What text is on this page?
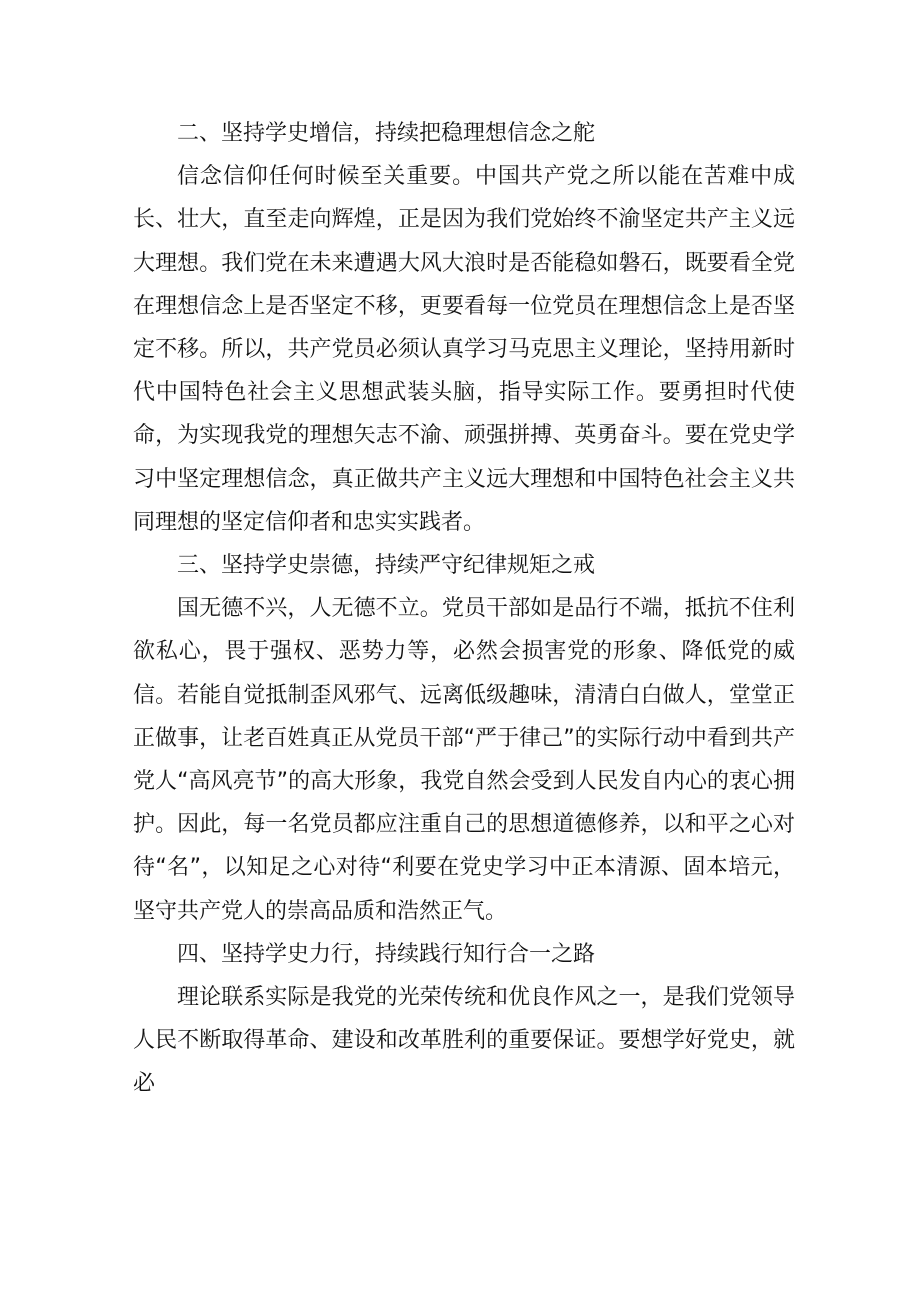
二、坚持学史增信，持续把稳理想信念之舵

信念信仰任何时候至关重要。中国共产党之所以能在苦难中成长、壮大，直至走向辉煌，正是因为我们党始终不渝坚定共产主义远大理想。我们党在未来遭遇大风大浪时是否能稳如磐石，既要看全党在理想信念上是否坚定不移，更要看每一位党员在理想信念上是否坚定不移。所以，共产党员必须认真学习马克思主义理论，坚持用新时代中国特色社会主义思想武装头脑，指导实际工作。要勇担时代使命，为实现我党的理想矢志不渝、顽强拼搏、英勇奋斗。要在党史学习中坚定理想信念，真正做共产主义远大理想和中国特色社会主义共同理想的坚定信仰者和忠实实践者。

三、坚持学史崇德，持续严守纪律规矩之戒

国无德不兴，人无德不立。党员干部如是品行不端，抵抗不住利欲私心，畏于强权、恶势力等，必然会损害党的形象、降低党的威信。若能自觉抵制歪风邪气、远离低级趣味，清清白白做人，堂堂正正做事，让老百姓真正从党员干部“严于律己”的实际行动中看到共产党人“高风亮节”的高大形象，我党自然会受到人民发自内心的衷心拥护。因此，每一名党员都应注重自己的思想道德修养，以和平之心对待“名”，以知足之心对待“利要在党史学习中正本清源、固本培元，坚守共产党人的崇高品质和浩然正气。

四、坚持学史力行，持续践行知行合一之路

理论联系实际是我党的光荣传统和优良作风之一，是我们党领导人民不断取得革命、建设和改革胜利的重要保证。要想学好党史，就必
